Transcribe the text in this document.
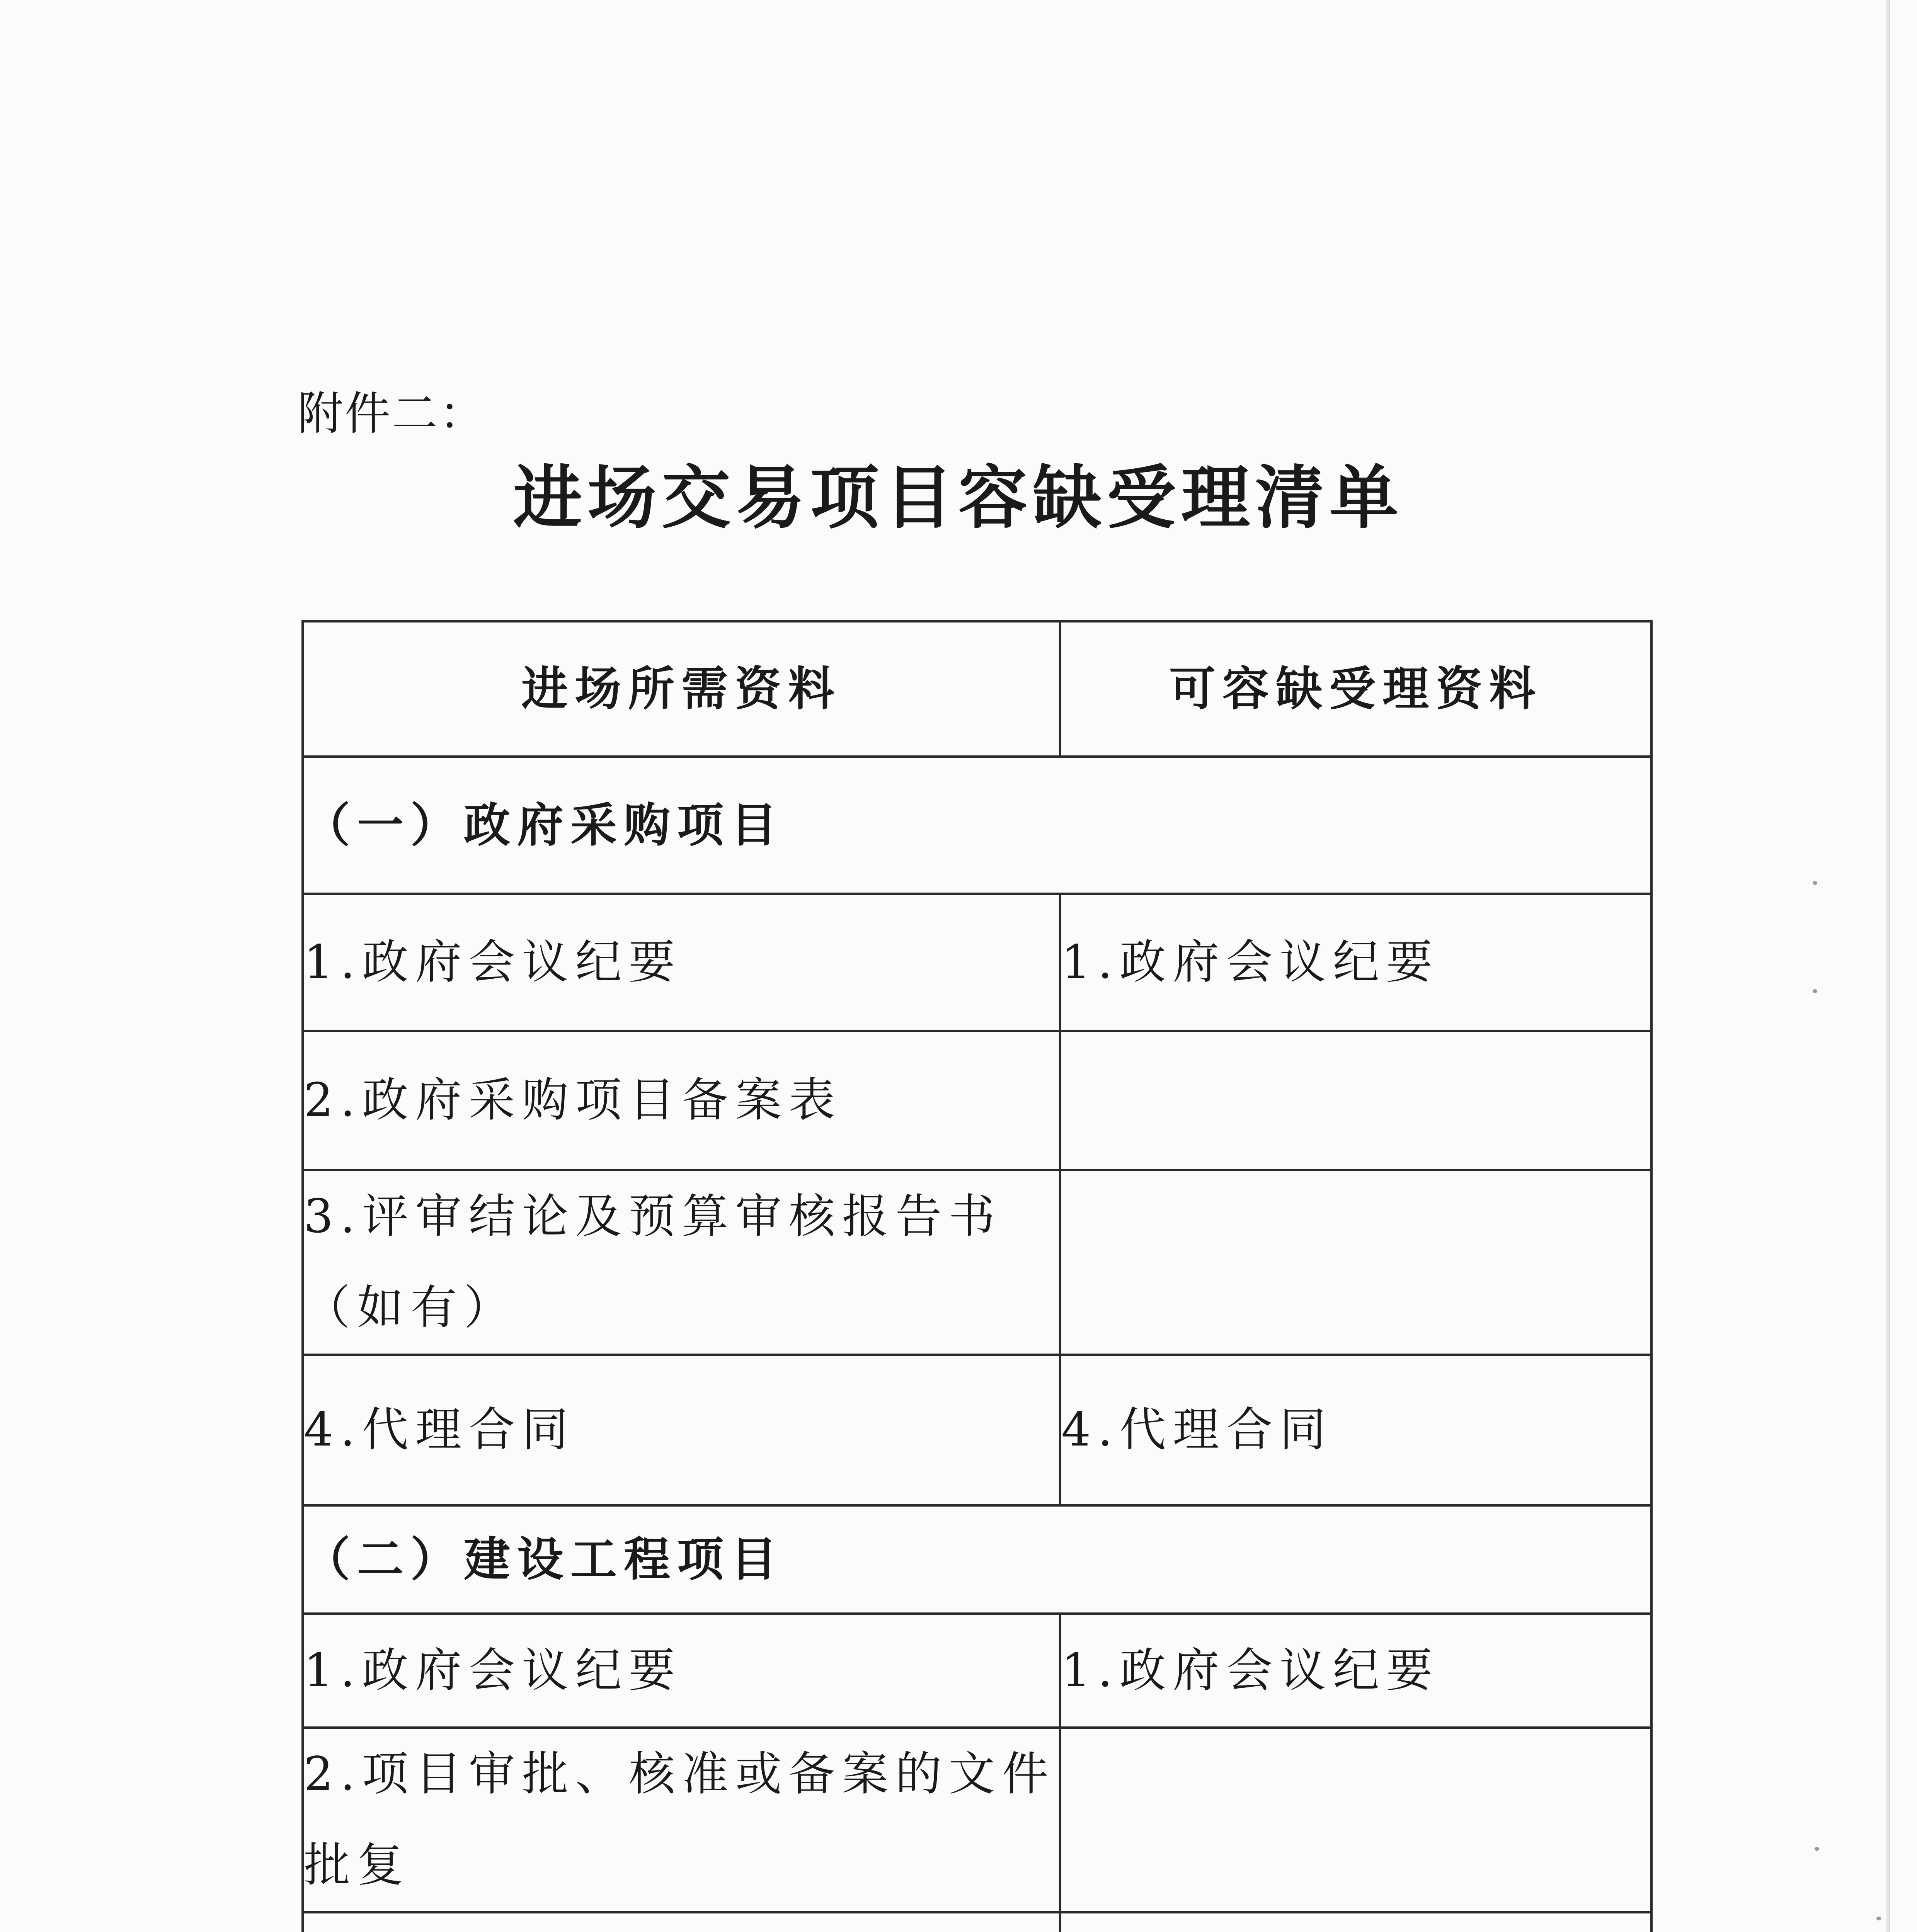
附件二：
进场交易项目容缺受理清单
进场所需资料	可容缺受理资料
（一）政府采购项目	
1.政府会议纪要	1.政府会议纪要
2.政府采购项目备案表	
3.评审结论及预算审核报告书（如有）	
4.代理合同	4.代理合同
（二）建设工程项目	
1.政府会议纪要	1.政府会议纪要
2.项目审批、核准或备案的文件批复	
